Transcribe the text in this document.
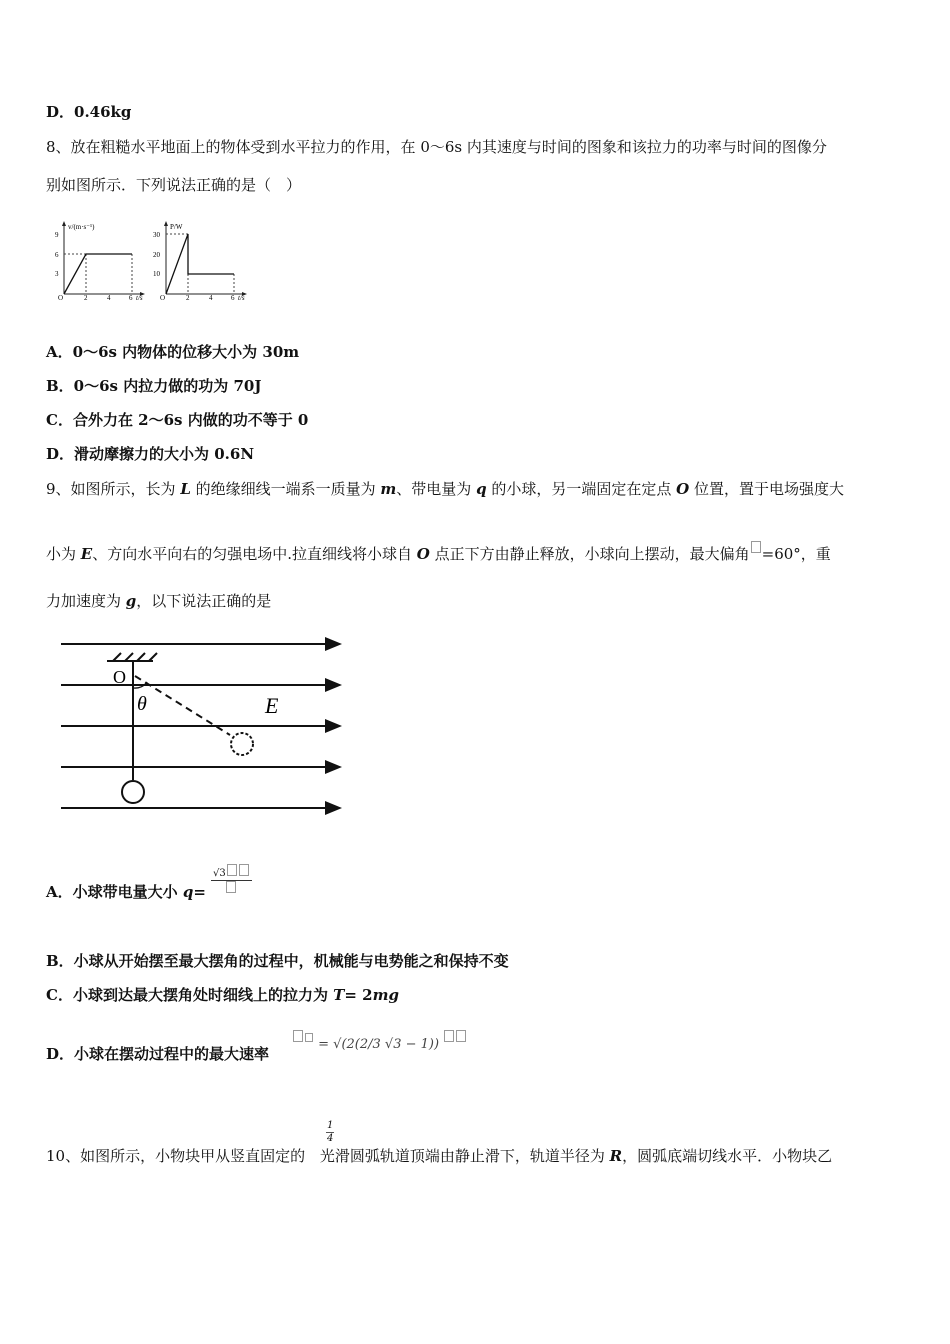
D．0.46kg
8、放在粗糙水平地面上的物体受到水平拉力的作用，在 0～6s 内其速度与时间的图象和该拉力的功率与时间的图像分
别如图所示．下列说法正确的是（　）
v/(m·s⁻¹)
9
6
3
O	2	4	6 t/s
P/W
30
20
10
O	2	4	6 t/s
A．0～6s 内物体的位移大小为 30m
B．0～6s 内拉力做的功为 70J
C．合外力在 2～6s 内做的功不等于 0
D．滑动摩擦力的大小为 0.6N
9、如图所示，长为 L 的绝缘细线一端系一质量为 m、带电量为 q 的小球，另一端固定在定点 O 位置，置于电场强度大
小为 E、方向水平向右的匀强电场中.拉直细线将小球自 O 点正下方由静止释放，小球向上摆动，最大偏角 =60°，重
力加速度为 g，以下说法正确的是
O
θ	E
A．小球带电量大小 q=
√3
B．小球从开始摆至最大摆角的过程中，机械能与电势能之和保持不变
C．小球到达最大摆角处时细线上的拉力为 T= 2mg
D．小球在摆动过程中的最大速率
= √(2(2/3 √3 − 1))
1
4
10、如图所示，小物块甲从竖直固定的 光滑圆弧轨道顶端由静止滑下，轨道半径为 R，圆弧底端切线水平．小物块乙
